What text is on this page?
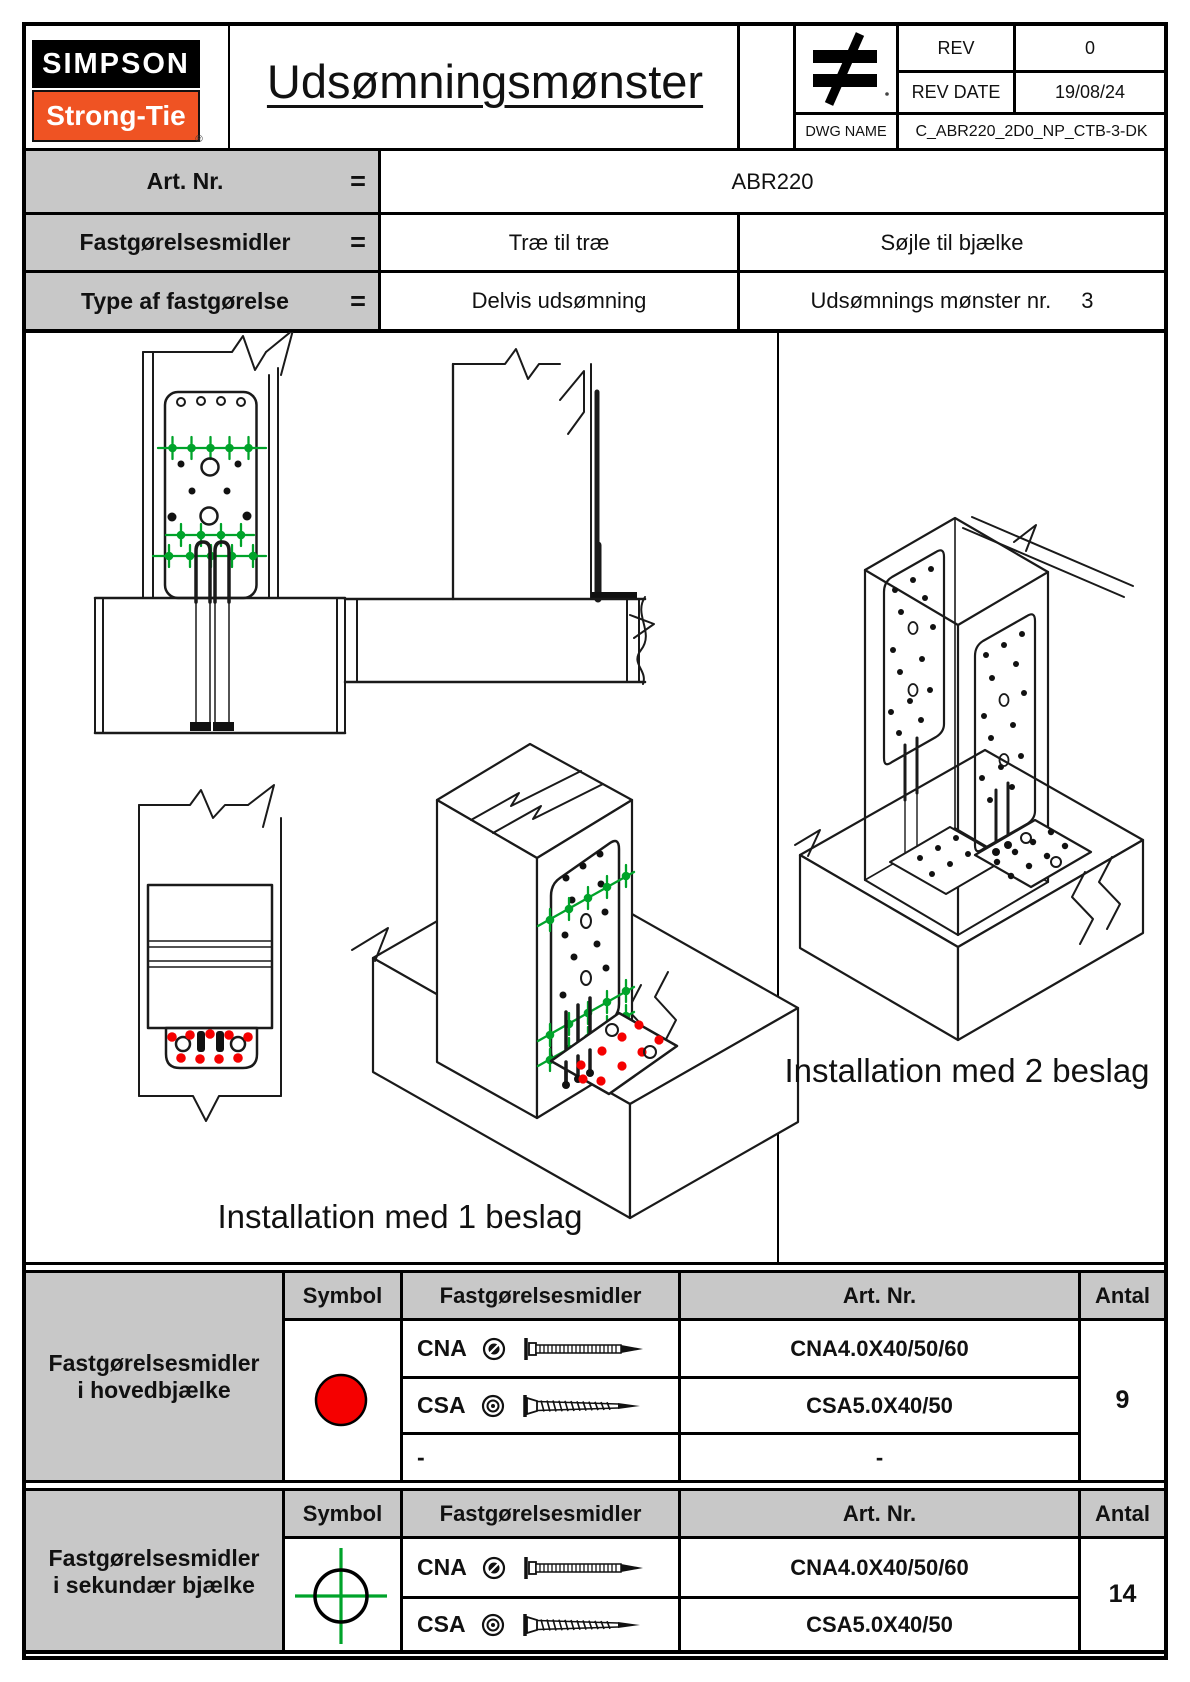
SIMPSON
Strong-Tie
®
Udsømningsmønster
REV	0
REV DATE	19/08/24
DWG NAME	C_ABR220_2D0_NP_CTB-3-DK
Art. Nr.	=	ABR220
Fastgørelsesmidler	=	Træ til træ	Søjle til bjælke
Type af fastgørelse	=	Delvis udsømning	Udsømnings mønster nr. 3
Installation med 1 beslag
Installation med 2 beslag
Fastgørelsesmidler
i hovedbjælke
Symbol	Fastgørelsesmidler	Art. Nr.	Antal
CNA	CNA4.0X40/50/60
CSA	CSA5.0X40/50
-	-
9
Fastgørelsesmidler
i sekundær bjælke
Symbol	Fastgørelsesmidler	Art. Nr.	Antal
CNA	CNA4.0X40/50/60
CSA	CSA5.0X40/50
14
